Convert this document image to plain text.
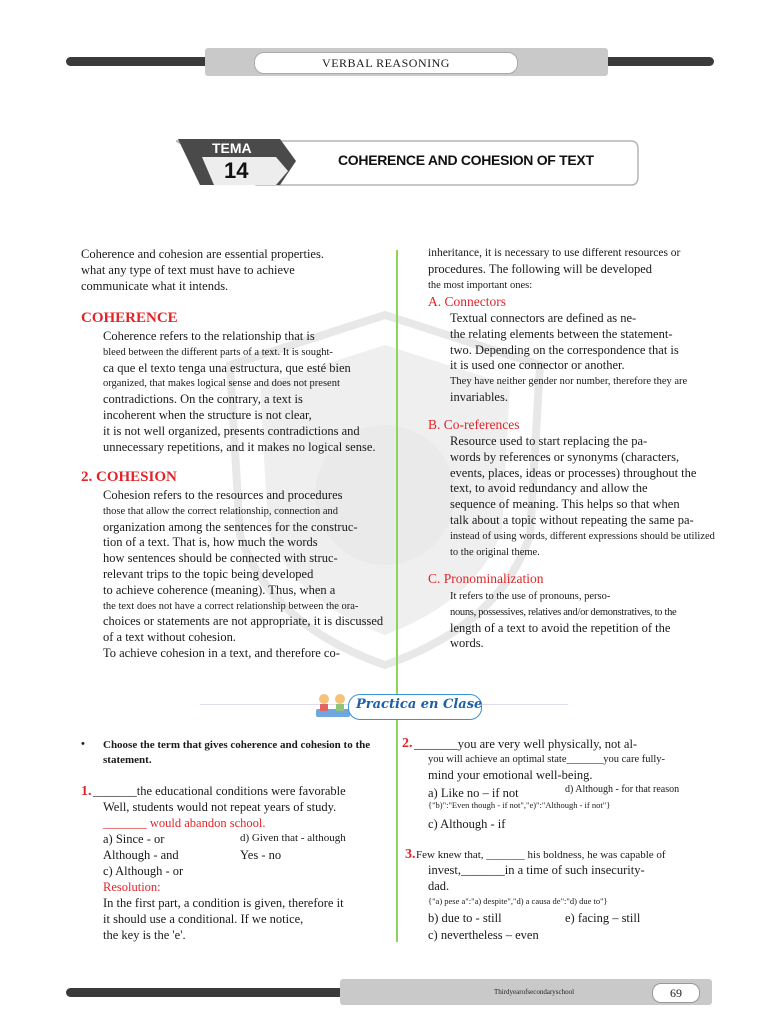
VERBAL REASONING
TEMA
14	COHERENCE AND COHESION OF TEXT

Coherence and cohesion are essential properties.

what any type of text must have to achieve

communicate what it intends.

COHERENCE

Coherence refers to the relationship that is

bleed between the different parts of a text. It is sought-

ca que el texto tenga una estructura, que esté bien

organized, that makes logical sense and does not present

contradictions. On the contrary, a text is

incoherent when the structure is not clear,

it is not well organized, presents contradictions and

unnecessary repetitions, and it makes no logical sense.

2. COHESION

Cohesion refers to the resources and procedures

those that allow the correct relationship, connection and

organization among the sentences for the construc-

tion of a text. That is, how much the words

how sentences should be connected with struc-

relevant trips to the topic being developed

to achieve coherence (meaning). Thus, when a

the text does not have a correct relationship between the ora-

choices or statements are not appropriate, it is discussed

of a text without cohesion.

To achieve cohesion in a text, and therefore co-

inheritance, it is necessary to use different resources or

procedures. The following will be developed

the most important ones:

A. Connectors

Textual connectors are defined as ne-

the relating elements between the statement-

two. Depending on the correspondence that is

it is used one connector or another.

They have neither gender nor number, therefore they are

invariables.

B. Co-references

Resource used to start replacing the pa-

words by references or synonyms (characters,

events, places, ideas or processes) throughout the

text, to avoid redundancy and allow the

sequence of meaning. This helps so that when

talk about a topic without repeating the same pa-

instead of using words, different expressions should be utilized

to the original theme.

C. Pronominalization

It refers to the use of pronouns, perso-

nouns, possessives, relatives and/or demonstratives, to the

length of a text to avoid the repetition of the

words.

Practica en Clase
• Choose the term that gives coherence and cohesion to the statement.
1. _______the educational conditions were favorable

Well, students would not repeat years of study.

_______ would abandon school.

a) Since - or	d) Given that - although
Although - and	Yes - no
c) Although - or
Resolution:

In the first part, a condition is given, therefore it

it should use a conditional. If we notice,

the key is the 'e'.

2. _______you are very well physically, not al-

you will achieve an optimal state_______you care fully-

mind your emotional well-being.

a) Like no – if not	d) Although - for that reason
{"b)":"Even though - if not","e)":"Although - if not"}
c) Although - if
3. Few knew that, _______ his boldness, he was capable of

invest,_______in a time of such insecurity-

dad.

{"a) pese a":"a) despite","d) a causa de":"d) due to"}
b) due to - still	e) facing – still
c) nevertheless – even
Thirdyearofsecondaryschool	69
